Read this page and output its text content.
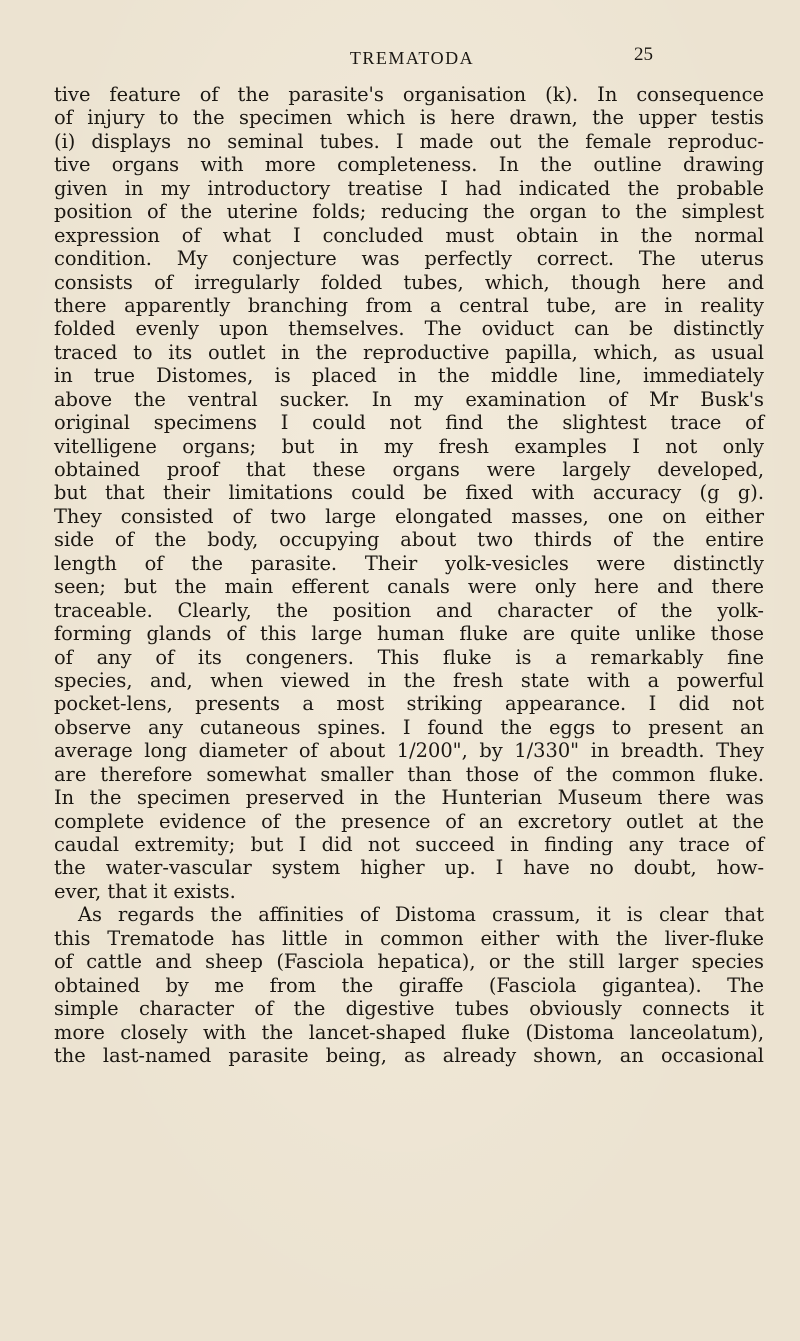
TREMATODA	25
tive feature of the parasite's organisation (k). In consequence
of injury to the specimen which is here drawn, the upper testis
(i) displays no seminal tubes. I made out the female reproduc-
tive organs with more completeness. In the outline drawing
given in my introductory treatise I had indicated the probable
position of the uterine folds; reducing the organ to the simplest
expression of what I concluded must obtain in the normal
condition. My conjecture was perfectly correct. The uterus
consists of irregularly folded tubes, which, though here and
there apparently branching from a central tube, are in reality
folded evenly upon themselves. The oviduct can be distinctly
traced to its outlet in the reproductive papilla, which, as usual
in true Distomes, is placed in the middle line, immediately
above the ventral sucker. In my examination of Mr Busk's
original specimens I could not find the slightest trace of
vitelligene organs; but in my fresh examples I not only
obtained proof that these organs were largely developed,
but that their limitations could be fixed with accuracy (g g).
They consisted of two large elongated masses, one on either
side of the body, occupying about two thirds of the entire
length of the parasite. Their yolk-vesicles were distinctly
seen; but the main efferent canals were only here and there
traceable. Clearly, the position and character of the yolk-
forming glands of this large human fluke are quite unlike those
of any of its congeners. This fluke is a remarkably fine
species, and, when viewed in the fresh state with a powerful
pocket-lens, presents a most striking appearance. I did not
observe any cutaneous spines. I found the eggs to present an
average long diameter of about 1/200", by 1/330" in breadth. They
are therefore somewhat smaller than those of the common fluke.
In the specimen preserved in the Hunterian Museum there was
complete evidence of the presence of an excretory outlet at the
caudal extremity; but I did not succeed in finding any trace of
the water-vascular system higher up. I have no doubt, how-
ever, that it exists.
As regards the affinities of Distoma crassum, it is clear that
this Trematode has little in common either with the liver-fluke
of cattle and sheep (Fasciola hepatica), or the still larger species
obtained by me from the giraffe (Fasciola gigantea). The
simple character of the digestive tubes obviously connects it
more closely with the lancet-shaped fluke (Distoma lanceolatum),
the last-named parasite being, as already shown, an occasional
